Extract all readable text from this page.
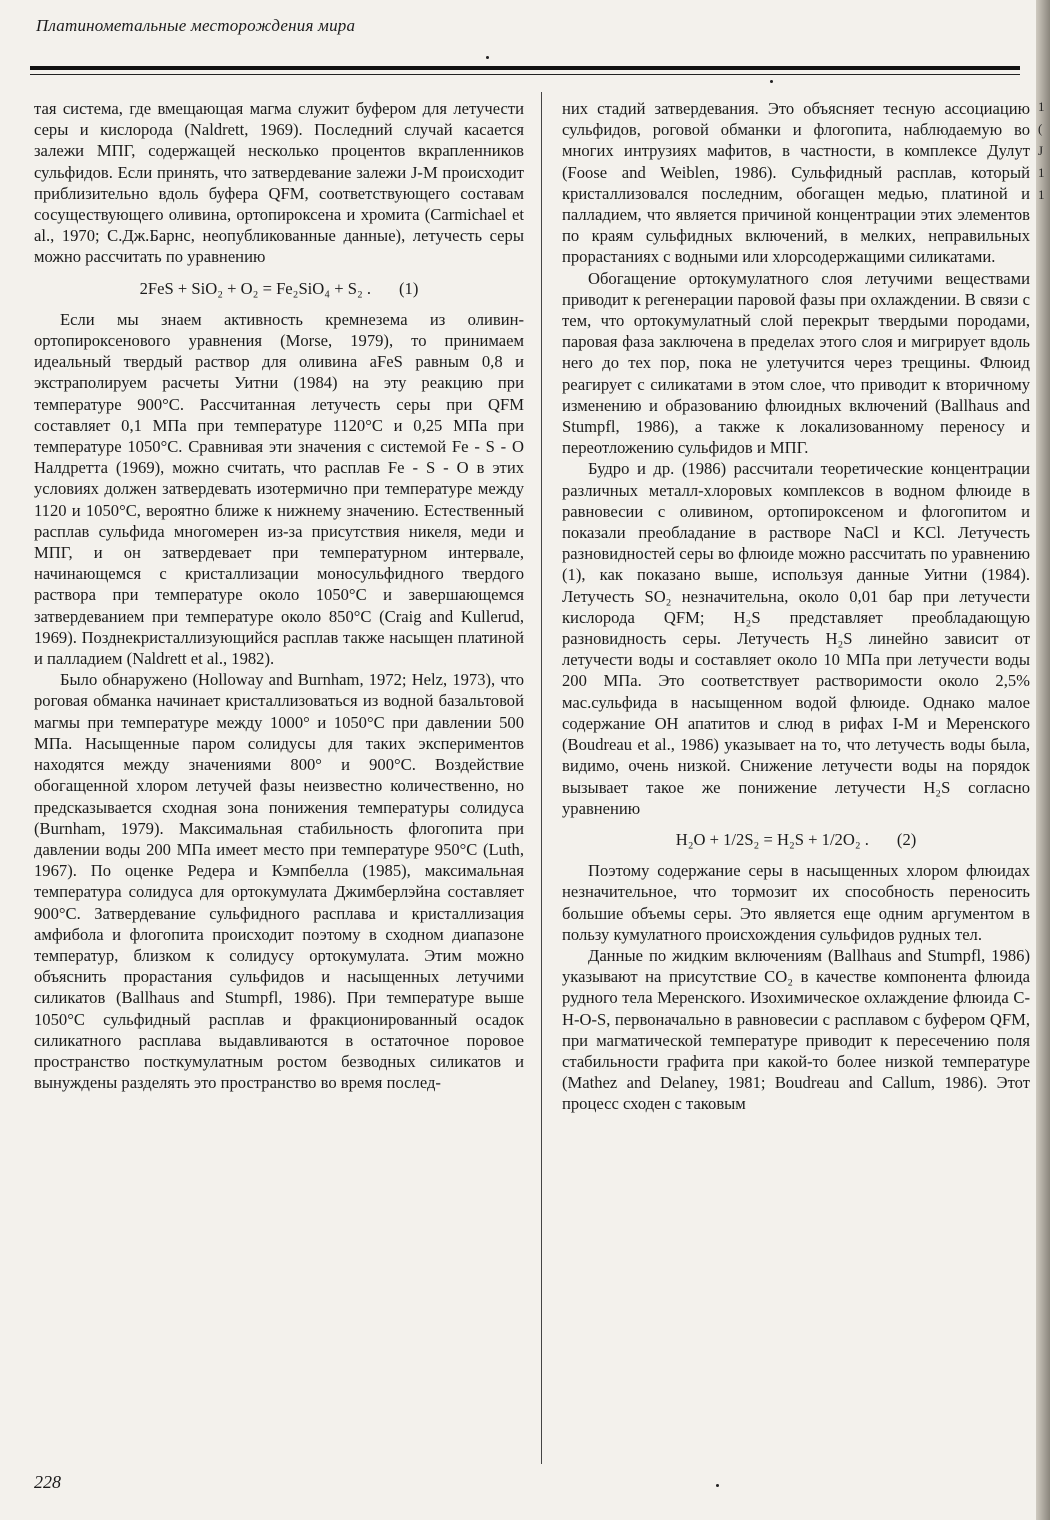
Платинометальные месторождения мира

тая система, где вмещающая магма служит буфером для летучести серы и кислорода (Naldrett, 1969). Последний случай касается залежи МПГ, содержащей несколько процентов вкрапленников сульфидов. Если принять, что затвердевание залежи J-M происходит приблизительно вдоль буфера QFM, соответствующего составам сосуществующего оливина, ортопироксена и хромита (Carmichael et al., 1970; С.Дж.Барнс, неопубликованные данные), летучесть серы можно рассчитать по уравнению

2FeS + SiO₂ + O₂ = Fe₂SiO₄ + S₂ . (1)

Если мы знаем активность кремнезема из оливин-ортопироксенового уравнения (Morse, 1979), то принимаем идеальный твердый раствор для оливина aFeS равным 0,8 и экстраполируем расчеты Уитни (1984) на эту реакцию при температуре 900°С. Рассчитанная летучесть серы при QFM составляет 0,1 МПа при температуре 1120°С и 0,25 МПа при температуре 1050°С. Сравнивая эти значения с системой Fe - S - O Налдретта (1969), можно считать, что расплав Fe - S - O в этих условиях должен затвердевать изотермично при температуре между 1120 и 1050°С, вероятно ближе к нижнему значению. Естественный расплав сульфида многомерен из-за присутствия никеля, меди и МПГ, и он затвердевает при температурном интервале, начинающемся с кристаллизации моносульфидного твердого раствора при температуре около 1050°С и завершающемся затвердеванием при температуре около 850°С (Craig and Kullerud, 1969). Позднекристаллизующийся расплав также насыщен платиной и палладием (Naldrett et al., 1982).

Было обнаружено (Holloway and Burnham, 1972; Helz, 1973), что роговая обманка начинает кристаллизоваться из водной базальтовой магмы при температуре между 1000° и 1050°С при давлении 500 МПа. Насыщенные паром солидусы для таких экспериментов находятся между значениями 800° и 900°С. Воздействие обогащенной хлором летучей фазы неизвестно количественно, но предсказывается сходная зона понижения температуры солидуса (Burnham, 1979). Максимальная стабильность флогопита при давлении воды 200 МПа имеет место при температуре 950°С (Luth, 1967). По оценке Редера и Кэмпбелла (1985), максимальная температура солидуса для ортокумулата Джимберлэйна составляет 900°С. Затвердевание сульфидного расплава и кристаллизация амфибола и флогопита происходит поэтому в сходном диапазоне температур, близком к солидусу ортокумулата. Этим можно объяснить прорастания сульфидов и насыщенных летучими силикатов (Ballhaus and Stumpfl, 1986). При температуре выше 1050°С сульфидный расплав и фракционированный осадок силикатного расплава выдавливаются в остаточное поровое пространство посткумулатным ростом безводных силикатов и вынуждены разделять это пространство во время послед-

них стадий затвердевания. Это объясняет тесную ассоциацию сульфидов, роговой обманки и флогопита, наблюдаемую во многих интрузиях мафитов, в частности, в комплексе Дулут (Foose and Weiblen, 1986). Сульфидный расплав, который кристаллизовался последним, обогащен медью, платиной и палладием, что является причиной концентрации этих элементов по краям сульфидных включений, в мелких, неправильных прорастаниях с водными или хлорсодержащими силикатами.

Обогащение ортокумулатного слоя летучими веществами приводит к регенерации паровой фазы при охлаждении. В связи с тем, что ортокумулатный слой перекрыт твердыми породами, паровая фаза заключена в пределах этого слоя и мигрирует вдоль него до тех пор, пока не улетучится через трещины. Флюид реагирует с силикатами в этом слое, что приводит к вторичному изменению и образованию флюидных включений (Ballhaus and Stumpfl, 1986), а также к локализованному переносу и переотложению сульфидов и МПГ.

Будро и др. (1986) рассчитали теоретические концентрации различных металл-хлоровых комплексов в водном флюиде в равновесии с оливином, ортопироксеном и флогопитом и показали преобладание в растворе NaCl и KCl. Летучесть разновидностей серы во флюиде можно рассчитать по уравнению (1), как показано выше, используя данные Уитни (1984). Летучесть SO₂ незначительна, около 0,01 бар при летучести кислорода QFM; H₂S представляет преобладающую разновидность серы. Летучесть H₂S линейно зависит от летучести воды и составляет около 10 МПа при летучести воды 200 МПа. Это соответствует растворимости около 2,5% мас.сульфида в насыщенном водой флюиде. Однако малое содержание ОН апатитов и слюд в рифах I-M и Меренского (Boudreau et al., 1986) указывает на то, что летучесть воды была, видимо, очень низкой. Снижение летучести воды на порядок вызывает такое же понижение летучести H₂S согласно уравнению

H₂O + 1/2S₂ = H₂S + 1/2O₂ . (2)

Поэтому содержание серы в насыщенных хлором флюидах незначительное, что тормозит их способность переносить большие объемы серы. Это является еще одним аргументом в пользу кумулатного происхождения сульфидов рудных тел.

Данные по жидким включениям (Ballhaus and Stumpfl, 1986) указывают на присутствие CO₂ в качестве компонента флюида рудного тела Меренского. Изохимическое охлаждение флюида C-H-O-S, первоначально в равновесии с расплавом с буфером QFM, при магматической температуре приводит к пересечению поля стабильности графита при какой-то более низкой температуре (Mathez and Delaney, 1981; Boudreau and Callum, 1986). Этот процесс сходен с таковым

1
(
J
1
1
228
